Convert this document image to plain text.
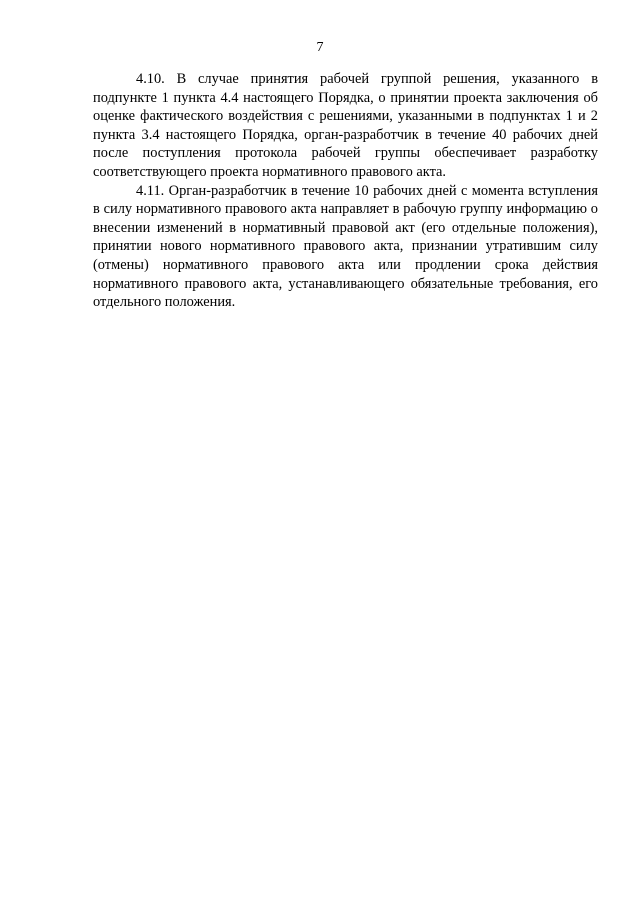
7

4.10. В случае принятия рабочей группой решения, указанного в подпункте 1 пункта 4.4 настоящего Порядка, о принятии проекта заключения об оценке фактического воздействия с решениями, указанными в подпунктах 1 и 2 пункта 3.4 настоящего Порядка, орган-разработчик в течение 40 рабочих дней после поступления протокола рабочей группы обеспечивает разработку соответствующего проекта нормативного правового акта.

4.11. Орган-разработчик в течение 10 рабочих дней с момента вступления в силу нормативного правового акта направляет в рабочую группу информацию о внесении изменений в нормативный правовой акт (его отдельные положения), принятии нового нормативного правового акта, признании утратившим силу (отмены) нормативного правового акта или продлении срока действия нормативного правового акта, устанавливающего обязательные требования, его отдельного положения.
